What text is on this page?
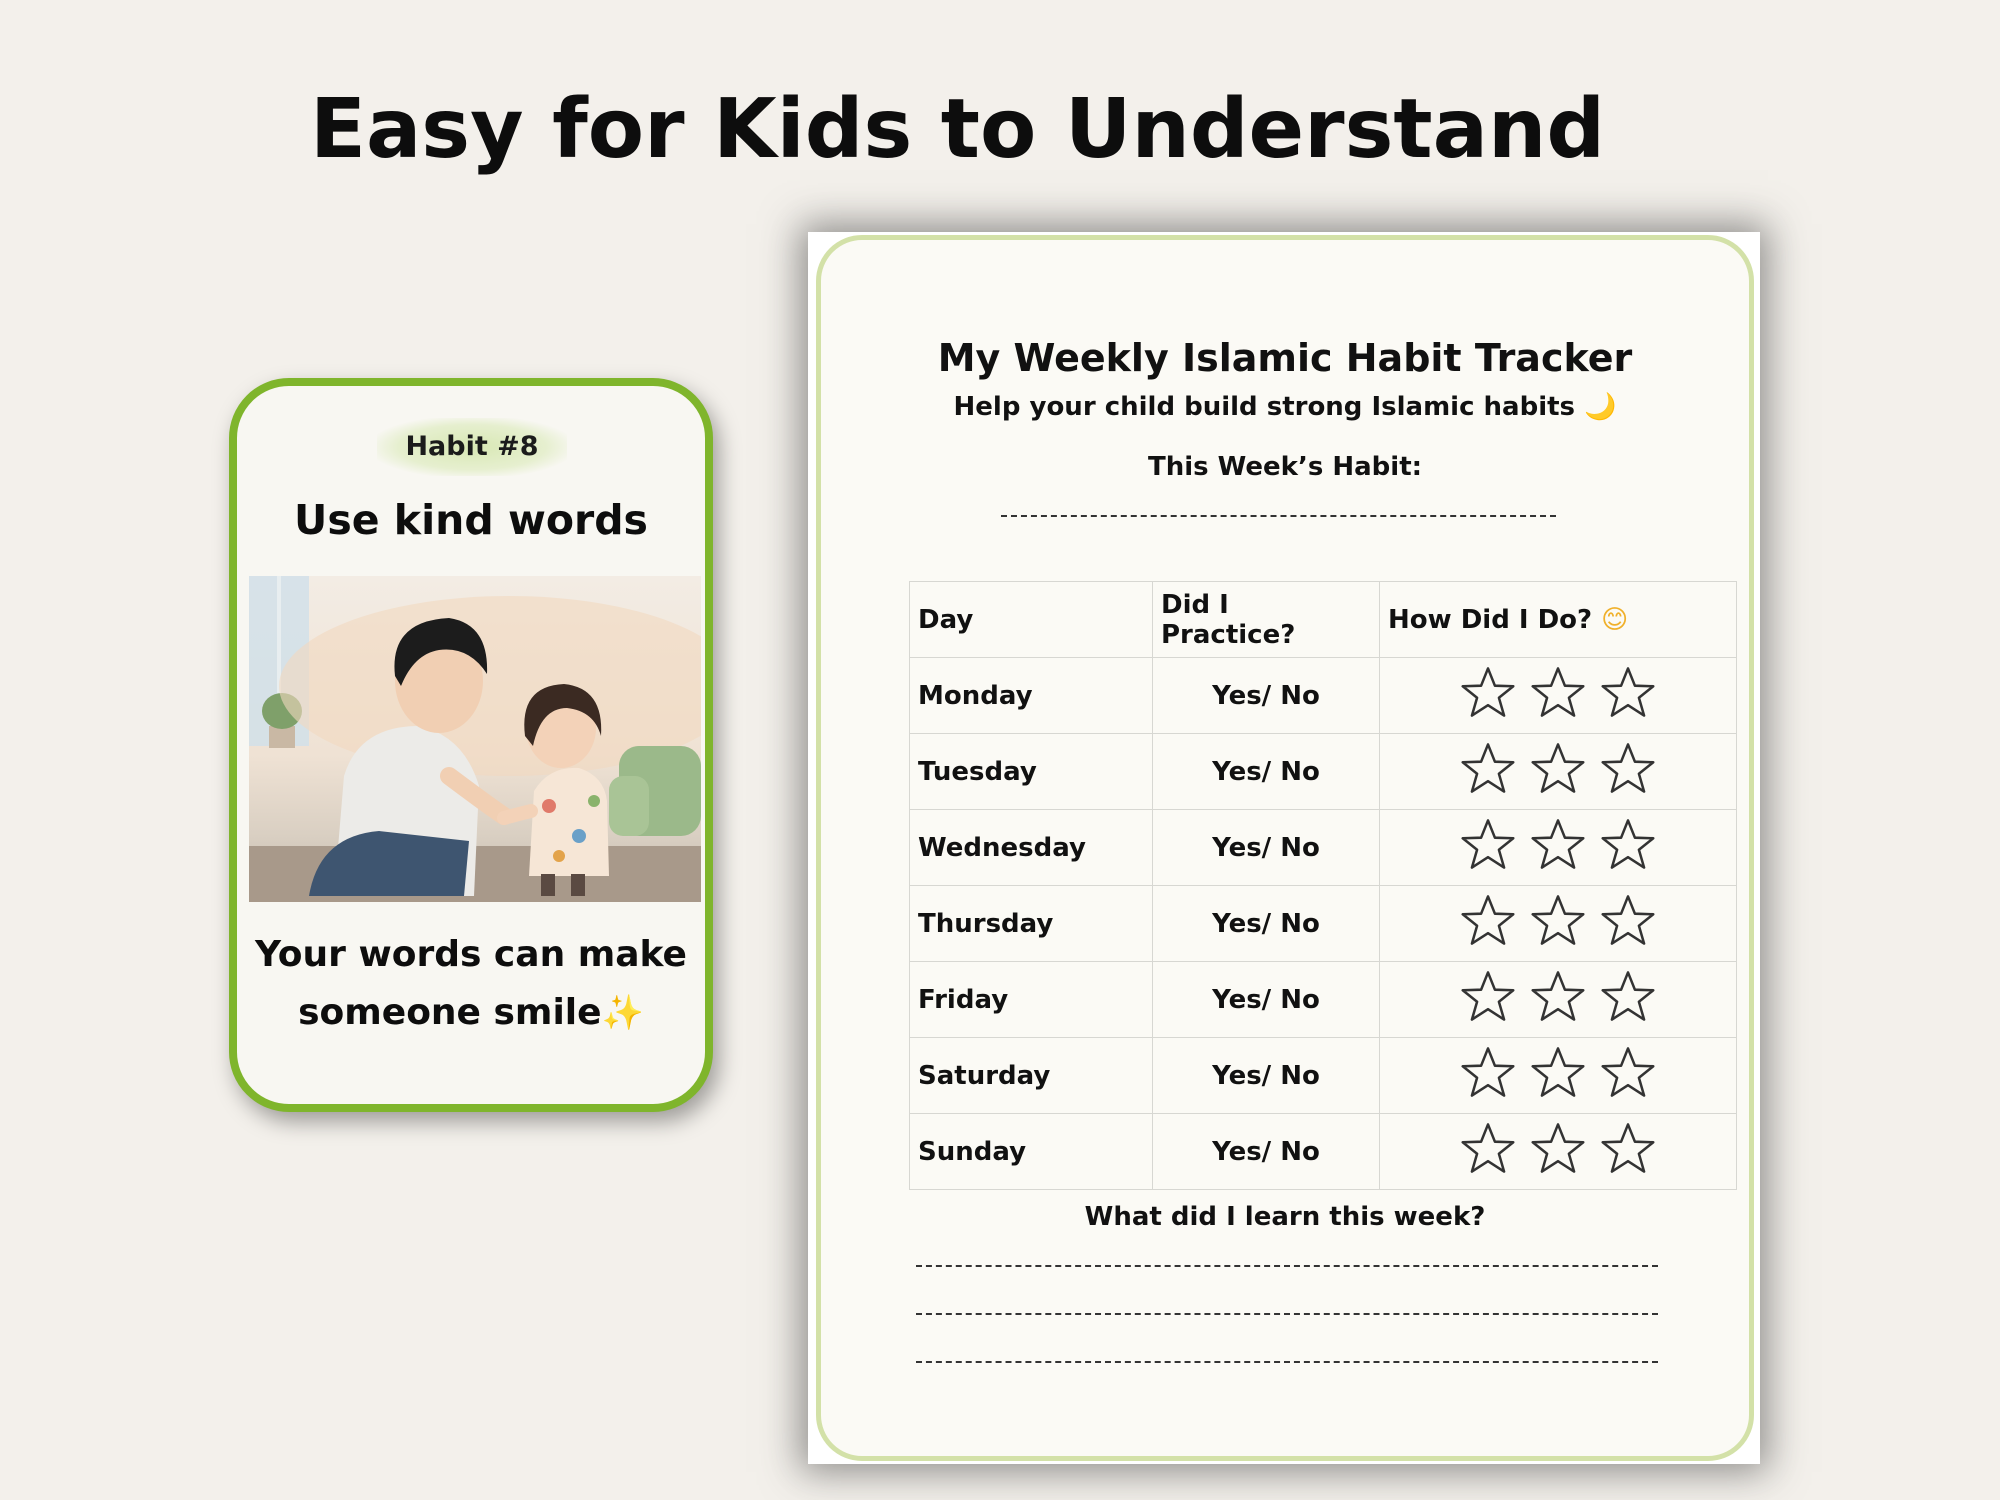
Easy for Kids to Understand
Habit #8
Use kind words
Your words can make
someone smile✨
My Weekly Islamic Habit Tracker
Help your child build strong Islamic habits 🌙
This Week’s Habit:
Day	Did I Practice?	How Did I Do? 😊
Monday	Yes/ No	

Tuesday	Yes/ No	

Wednesday	Yes/ No	

Thursday	Yes/ No	

Friday	Yes/ No	

Saturday	Yes/ No	

Sunday	Yes/ No	
What did I learn this week?
